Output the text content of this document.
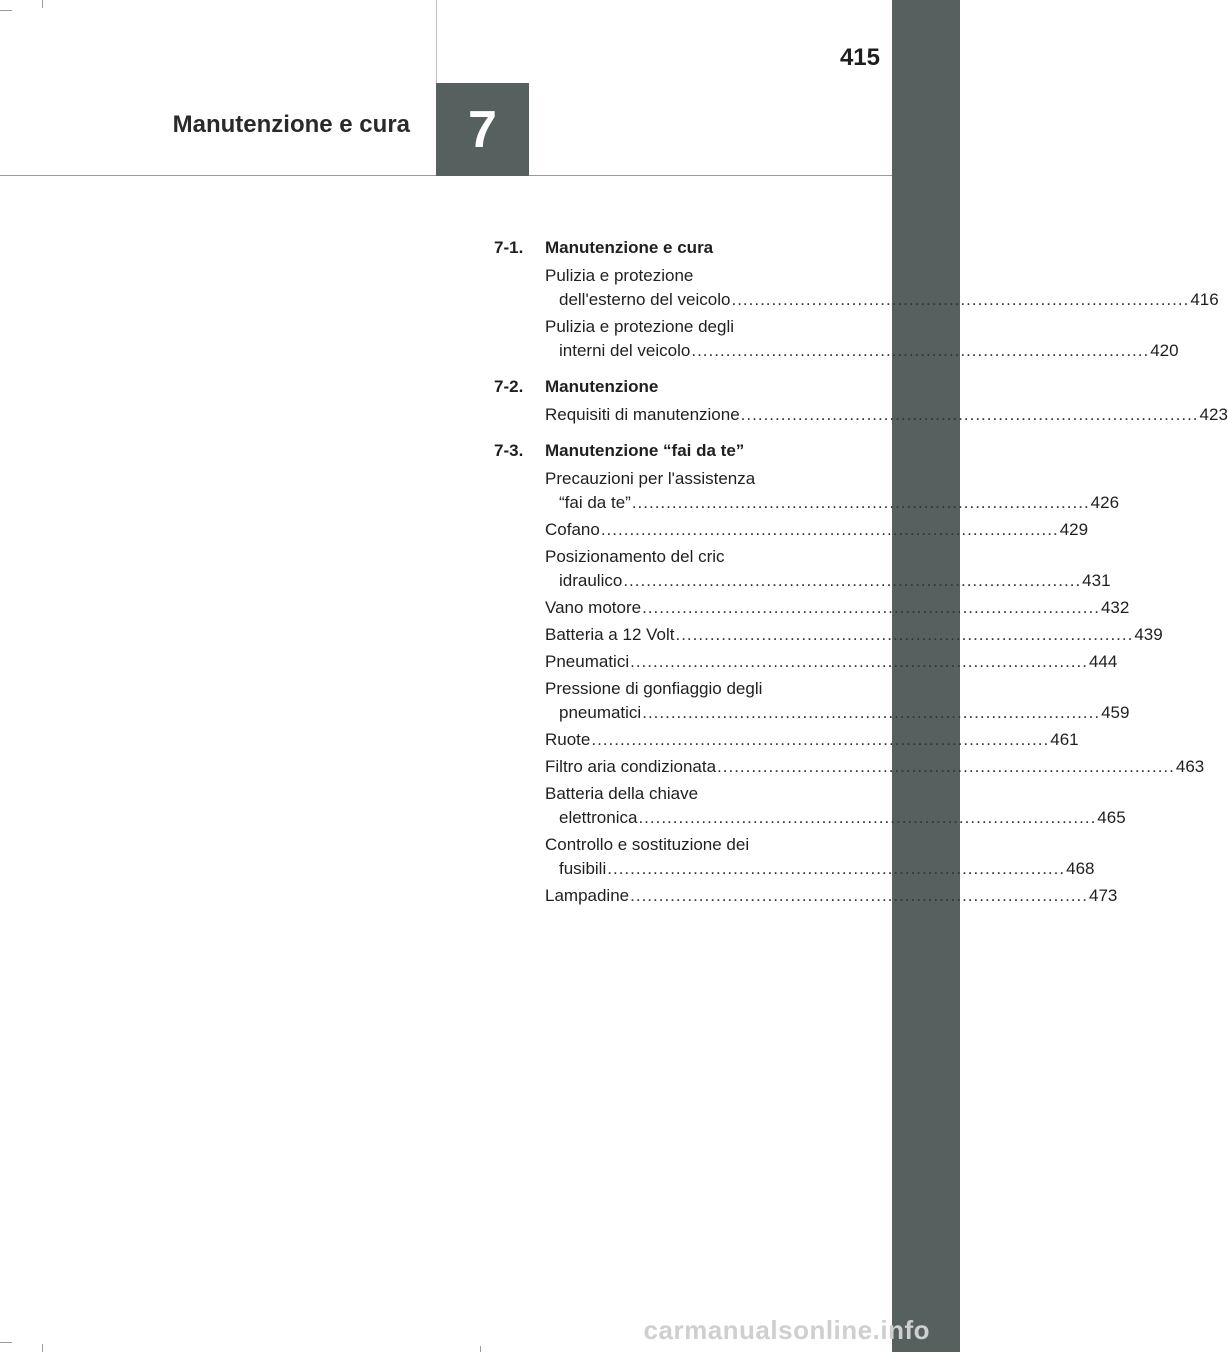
415
Manutenzione e cura 7
7-1.	Manutenzione e cura
Pulizia e protezione
dell'esterno del veicolo ................................................................................ 416
Pulizia e protezione degli
interni del veicolo ................................................................................ 420
7-2.	Manutenzione
Requisiti di manutenzione ................................................................................ 423
7-3.	Manutenzione “fai da te”
Precauzioni per l'assistenza
“fai da te” ................................................................................ 426
Cofano ................................................................................ 429
Posizionamento del cric
idraulico ................................................................................ 431
Vano motore ................................................................................ 432
Batteria a 12 Volt ................................................................................ 439
Pneumatici ................................................................................ 444
Pressione di gonfiaggio degli
pneumatici ................................................................................ 459
Ruote ................................................................................ 461
Filtro aria condizionata ................................................................................ 463
Batteria della chiave
elettronica ................................................................................ 465
Controllo e sostituzione dei
fusibili ................................................................................ 468
Lampadine ................................................................................ 473
carmanualsonline.info
